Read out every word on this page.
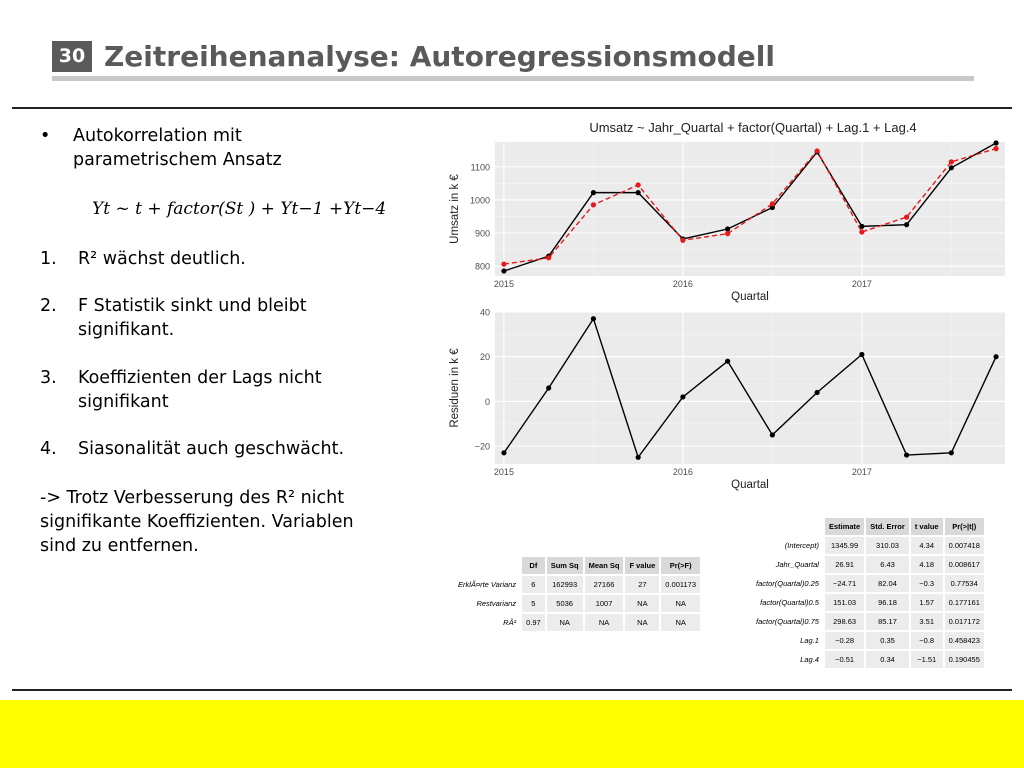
30 Zeitreihenanalyse: Autoregressionsmodell
• Autokorrelation mit
parametrischem Ansatz
Yt ~ t + factor(St ) + Yt−1 +Yt−4
1. R² wächst deutlich.
2. F Statistik sinkt und bleibt
signifikant.
3. Koeffizienten der Lags nicht
signifikant
4. Siasonalität auch geschwächt.
-> Trotz Verbesserung des R² nicht
signifikante Koeffizienten. Variablen
sind zu entfernen.
800
900
1000
1100
2015	2016	2017
Quartal
Umsatz in k €
Umsatz ~ Jahr_Quartal + factor(Quartal) + Lag.1 + Lag.4
−20
0
20
40
2015	2016	2017
Quartal
Residuen in k €
	Df	Sum Sq	Mean Sq	F value	Pr(>F)
ErklÃ¤rte Varianz	6	162993	27166	27	0.001173
Restvarianz	5	5036	1007	NA	NA
RÂ²	0.97	NA	NA	NA	NA
	Estimate	Std. Error	t value	Pr(>|t|)
(Intercept)	1345.99	310.03	4.34	0.007418
Jahr_Quartal	26.91	6.43	4.18	0.008617
factor(Quartal)0.25	−24.71	82.04	−0.3	0.77534
factor(Quartal)0.5	151.03	96.18	1.57	0.177161
factor(Quartal)0.75	298.63	85.17	3.51	0.017172
Lag.1	−0.28	0.35	−0.8	0.458423
Lag.4	−0.51	0.34	−1.51	0.190455
